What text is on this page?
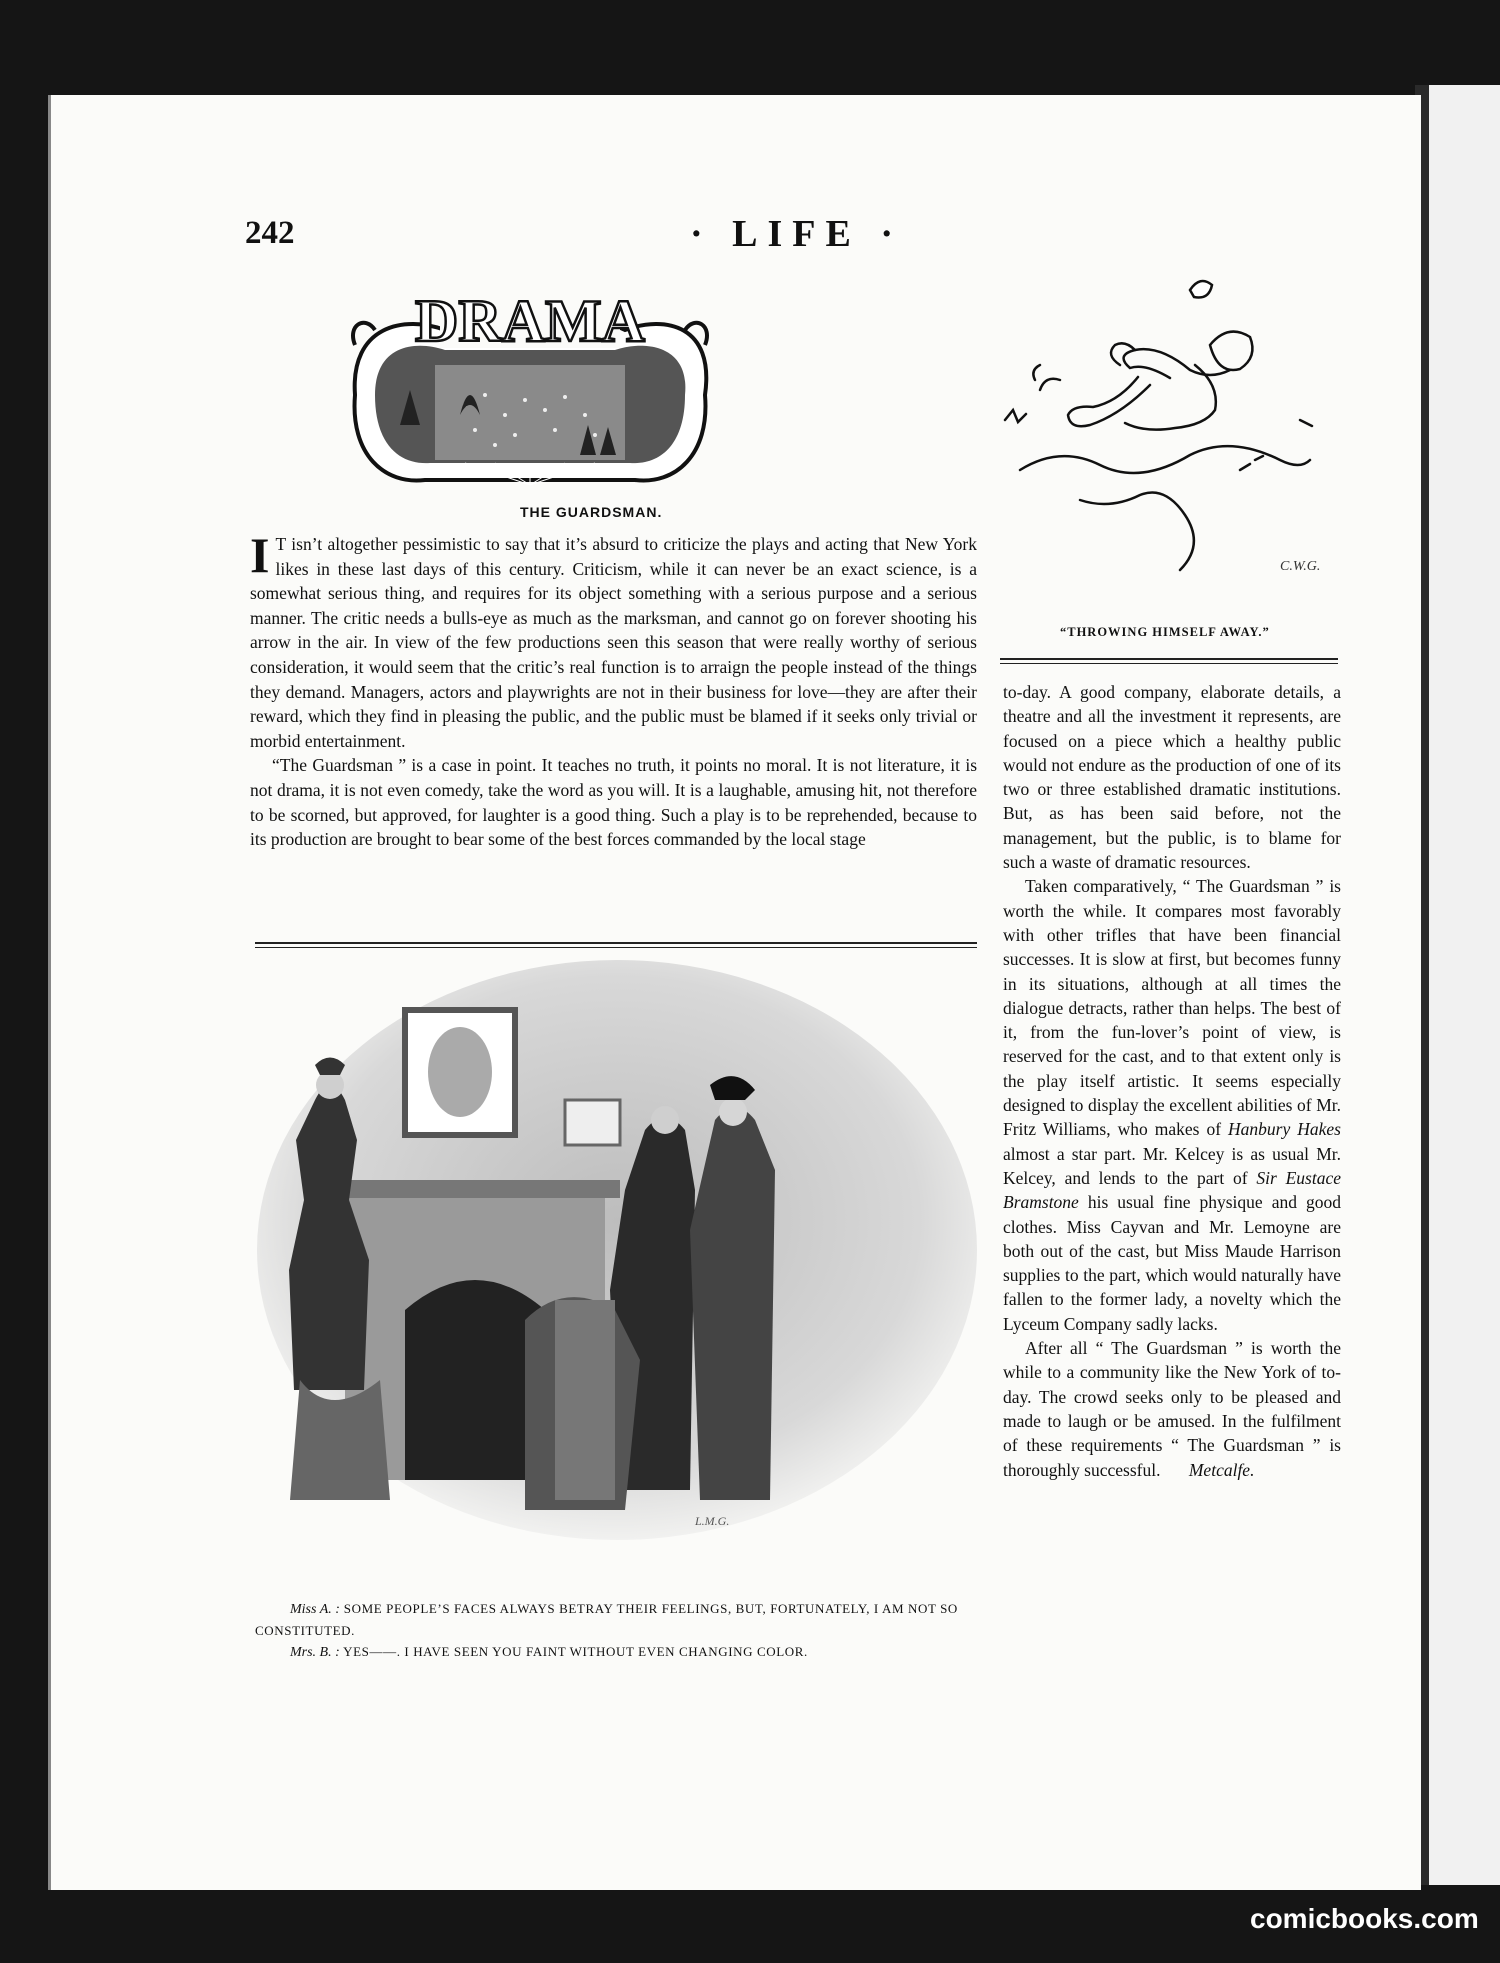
242	· LIFE ·
DRAMA
THE GUARDSMAN.

I T isn’t altogether pessimistic to say that it’s absurd to criticize the plays and acting that New York likes in these last days of this century. Criticism, while it can never be an exact science, is a somewhat serious thing, and requires for its object something with a serious purpose and a serious manner. The critic needs a bulls-eye as much as the marksman, and cannot go on forever shooting his arrow in the air. In view of the few productions seen this season that were really worthy of serious consideration, it would seem that the critic’s real function is to arraign the people instead of the things they demand. Managers, actors and playwrights are not in their business for love—they are after their reward, which they find in pleasing the public, and the public must be blamed if it seeks only trivial or morbid entertainment.

“The Guardsman ” is a case in point. It teaches no truth, it points no moral. It is not literature, it is not drama, it is not even comedy, take the word as you will. It is a laughable, amusing hit, not therefore to be scorned, but approved, for laughter is a good thing. Such a play is to be reprehended, because to its production are brought to bear some of the best forces commanded by the local stage

C.W.G.
“THROWING HIMSELF AWAY.”

to-day. A good company, elaborate details, a theatre and all the investment it represents, are focused on a piece which a healthy public would not endure as the production of one of its two or three established dramatic institutions. But, as has been said before, not the management, but the public, is to blame for such a waste of dramatic resources.

Taken comparatively, “ The Guardsman ” is worth the while. It compares most favorably with other trifles that have been financial successes. It is slow at first, but becomes funny in its situations, although at all times the dialogue detracts, rather than helps. The best of it, from the fun-lover’s point of view, is reserved for the cast, and to that extent only is the play itself artistic. It seems especially designed to display the excellent abilities of Mr. Fritz Williams, who makes of Hanbury Hakes almost a star part. Mr. Kelcey is as usual Mr. Kelcey, and lends to the part of Sir Eustace Bramstone his usual fine physique and good clothes. Miss Cayvan and Mr. Lemoyne are both out of the cast, but Miss Maude Harrison supplies to the part, which would naturally have fallen to the former lady, a novelty which the Lyceum Company sadly lacks.

After all “ The Guardsman ” is worth the while to a community like the New York of to-day. The crowd seeks only to be pleased and made to laugh or be amused. In the fulfilment of these requirements “ The Guardsman ” is thoroughly successful. Metcalfe.

L.M.G.
Miss A. : SOME PEOPLE’S FACES ALWAYS BETRAY THEIR FEELINGS, BUT, FORTUNATELY, I AM NOT SO CONSTITUTED.
Mrs. B. : YES——. I HAVE SEEN YOU FAINT WITHOUT EVEN CHANGING COLOR.
comicbooks.com
